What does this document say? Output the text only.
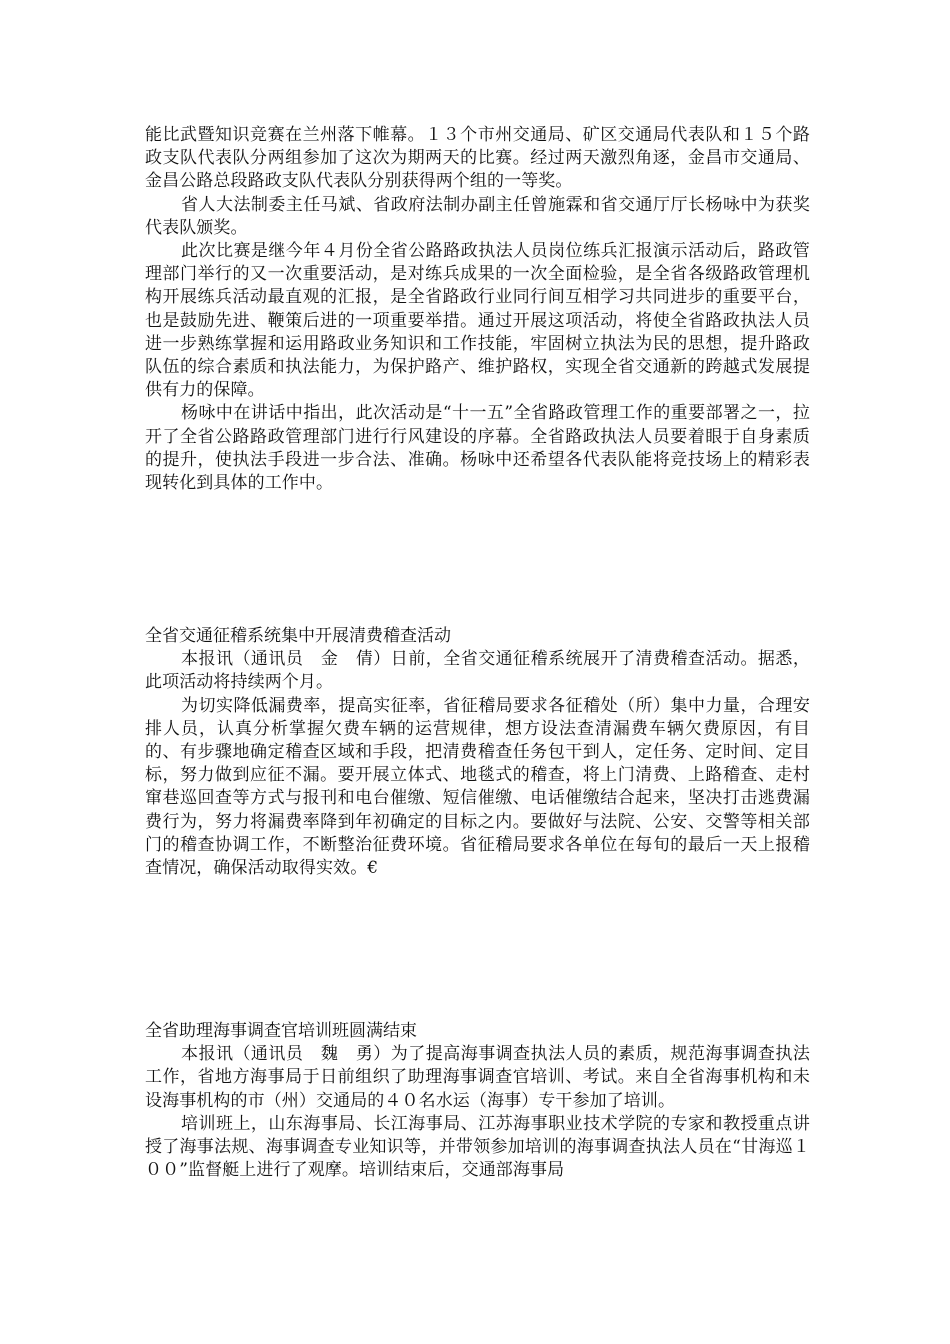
能比武暨知识竞赛在兰州落下帷幕。１３个市州交通局、矿区交通局代表队和１５个路政支队代表队分两组参加了这次为期两天的比赛。经过两天激烈角逐，金昌市交通局、金昌公路总段路政支队代表队分别获得两个组的一等奖。

省人大法制委主任马斌、省政府法制办副主任曾施霖和省交通厅厅长杨咏中为获奖代表队颁奖。

此次比赛是继今年４月份全省公路路政执法人员岗位练兵汇报演示活动后，路政管理部门举行的又一次重要活动，是对练兵成果的一次全面检验，是全省各级路政管理机构开展练兵活动最直观的汇报，是全省路政行业同行间互相学习共同进步的重要平台，也是鼓励先进、鞭策后进的一项重要举措。通过开展这项活动，将使全省路政执法人员进一步熟练掌握和运用路政业务知识和工作技能，牢固树立执法为民的思想，提升路政队伍的综合素质和执法能力，为保护路产、维护路权，实现全省交通新的跨越式发展提供有力的保障。

杨咏中在讲话中指出，此次活动是“十一五”全省路政管理工作的重要部署之一，拉开了全省公路路政管理部门进行行风建设的序幕。全省路政执法人员要着眼于自身素质的提升，使执法手段进一步合法、准确。杨咏中还希望各代表队能将竞技场上的精彩表现转化到具体的工作中。

全省交通征稽系统集中开展清费稽查活动

本报讯（通讯员　金　倩）日前，全省交通征稽系统展开了清费稽查活动。据悉，此项活动将持续两个月。

为切实降低漏费率，提高实征率，省征稽局要求各征稽处（所）集中力量，合理安排人员，认真分析掌握欠费车辆的运营规律，想方设法查清漏费车辆欠费原因，有目的、有步骤地确定稽查区域和手段，把清费稽查任务包干到人，定任务、定时间、定目标，努力做到应征不漏。要开展立体式、地毯式的稽查，将上门清费、上路稽查、走村窜巷巡回查等方式与报刊和电台催缴、短信催缴、电话催缴结合起来，坚决打击逃费漏费行为，努力将漏费率降到年初确定的目标之内。要做好与法院、公安、交警等相关部门的稽查协调工作，不断整治征费环境。省征稽局要求各单位在每旬的最后一天上报稽查情况，确保活动取得实效。€

全省助理海事调查官培训班圆满结束

本报讯（通讯员　魏　勇）为了提高海事调查执法人员的素质，规范海事调查执法工作，省地方海事局于日前组织了助理海事调查官培训、考试。来自全省海事机构和未设海事机构的市（州）交通局的４０名水运（海事）专干参加了培训。

培训班上，山东海事局、长江海事局、江苏海事职业技术学院的专家和教授重点讲授了海事法规、海事调查专业知识等，并带领参加培训的海事调查执法人员在“甘海巡１００”监督艇上进行了观摩。培训结束后，交通部海事局
